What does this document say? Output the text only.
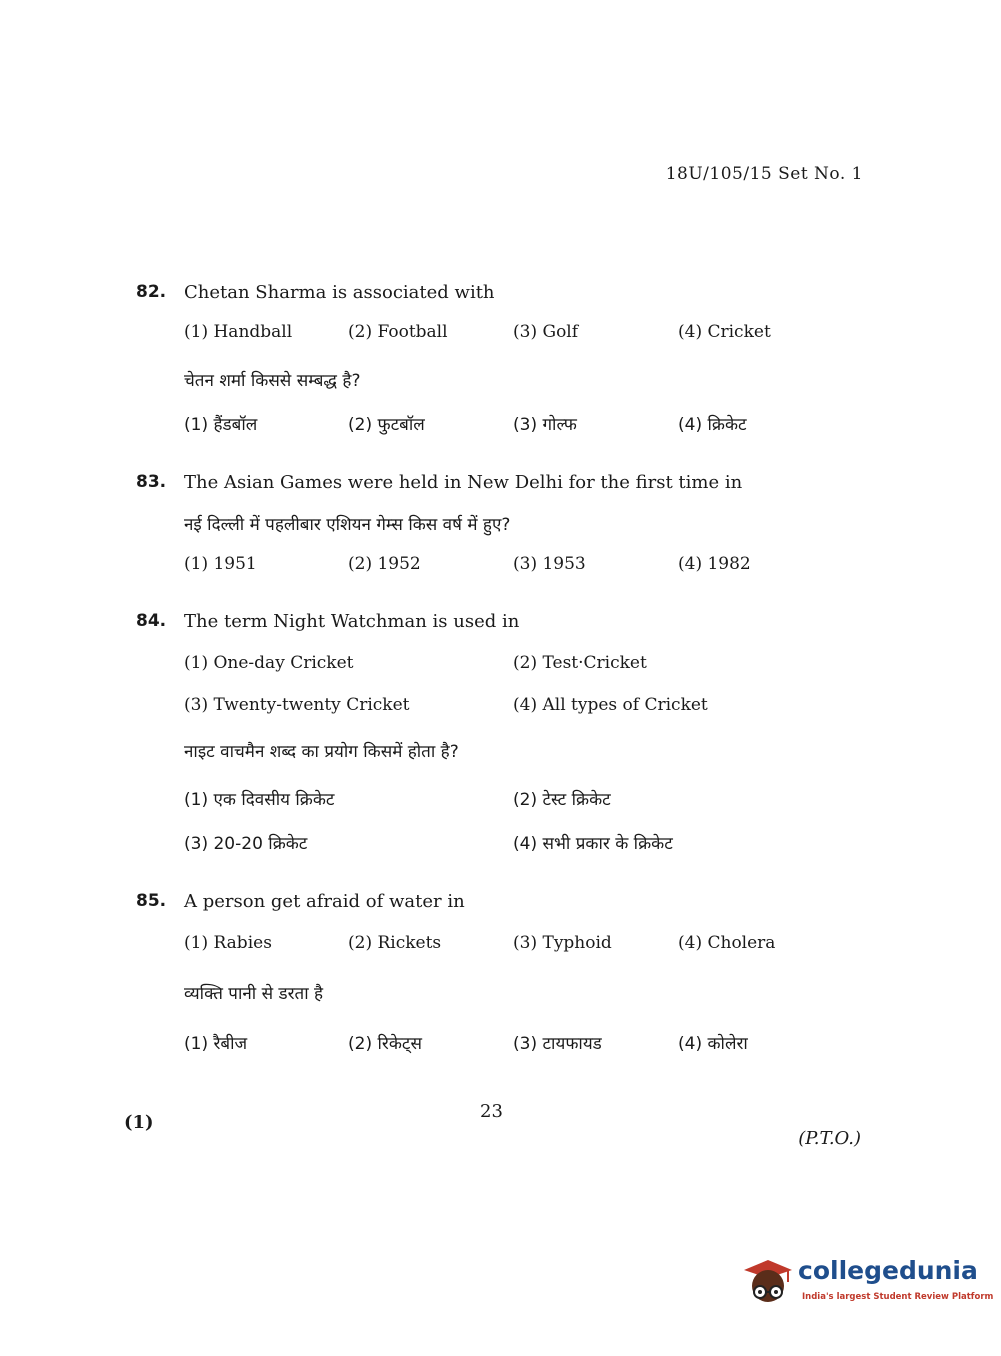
18U/105/15 Set No. 1
82. Chetan Sharma is associated with
(1) Handball	(2) Football	(3) Golf	(4) Cricket
चेतन शर्मा किससे सम्बद्ध है?
(1) हैंडबॉल	(2) फुटबॉल	(3) गोल्फ	(4) क्रिकेट
83. The Asian Games were held in New Delhi for the first time in
नई दिल्ली में पहलीबार एशियन गेम्स किस वर्ष में हुए?
(1) 1951	(2) 1952	(3) 1953	(4) 1982
84. The term Night Watchman is used in
(1) One-day Cricket	(2) Test·Cricket
(3) Twenty-twenty Cricket	(4) All types of Cricket
नाइट वाचमैन शब्द का प्रयोग किसमें होता है?
(1) एक दिवसीय क्रिकेट	(2) टेस्ट क्रिकेट
(3) 20-20 क्रिकेट	(4) सभी प्रकार के क्रिकेट
85. A person get afraid of water in
(1) Rabies	(2) Rickets	(3) Typhoid	(4) Cholera
व्यक्ति पानी से डरता है
(1) रैबीज	(2) रिकेट्स	(3) टायफायड	(4) कोलेरा
(1)
23
(P.T.O.)
collegedunia
India's largest Student Review Platform
